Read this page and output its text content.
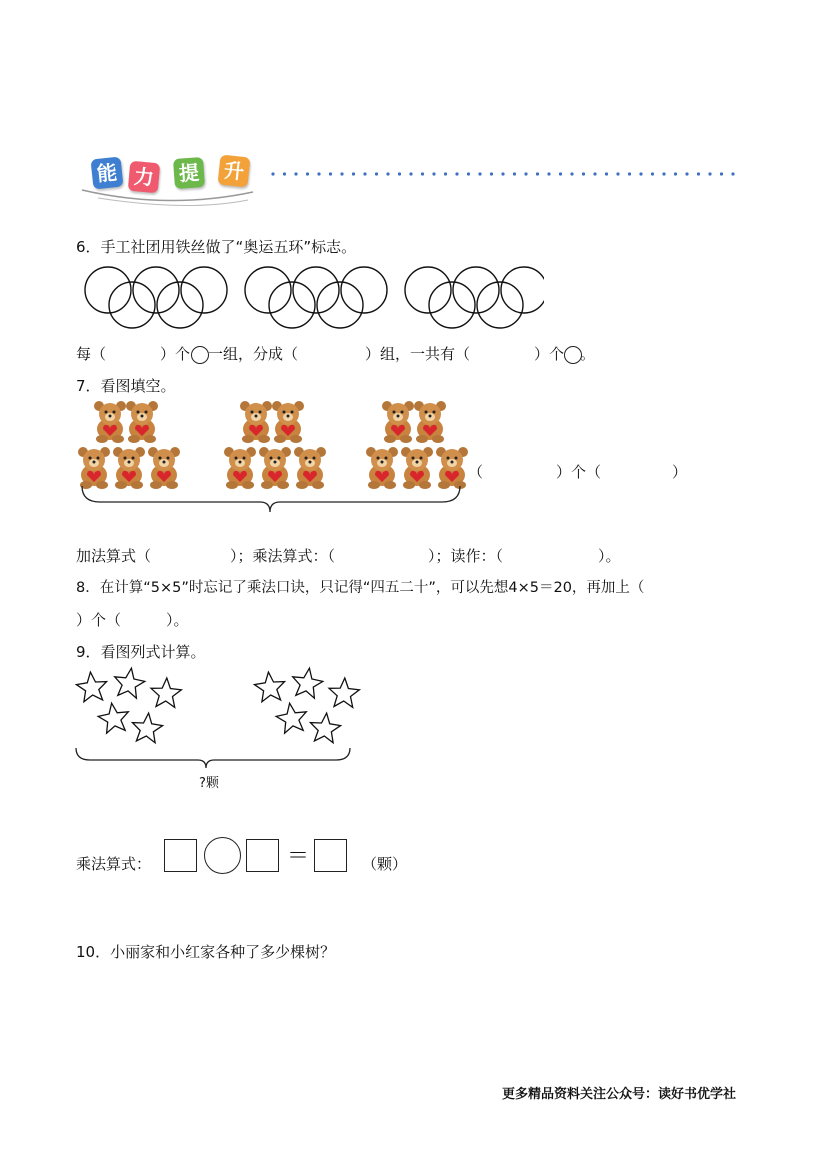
能 力 提 升
6．手工社团用铁丝做了“奥运五环”标志。
每（	）个 一组，分成（	）组，一共有（	）个 。
7．看图填空。
（	）个（	）
加法算式（	）；乘法算式：（	）；读作：（	）。
8．在计算“5×5”时忘记了乘法口诀，只记得“四五二十”，可以先想4×5＝20，再加上（
）个（　　　）。
9．看图列式计算。
?颗
乘法算式：	＝	（颗）
10．小丽家和小红家各种了多少棵树？
更多精品资料关注公众号：读好书优学社
